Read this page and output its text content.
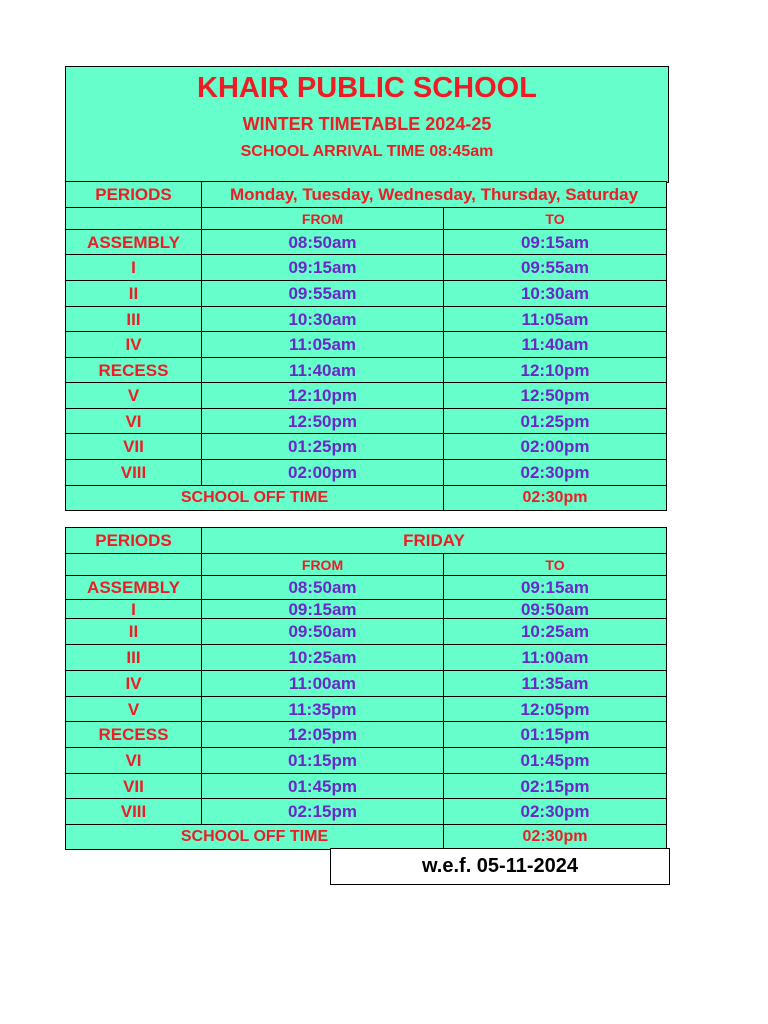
KHAIR PUBLIC SCHOOL
WINTER TIMETABLE 2024-25
SCHOOL ARRIVAL TIME 08:45am
PERIODS	Monday, Tuesday, Wednesday, Thursday, Saturday	
	FROM	TO
ASSEMBLY	08:50am	09:15am
I	09:15am	09:55am
II	09:55am	10:30am
III	10:30am	11:05am
IV	11:05am	11:40am
RECESS	11:40am	12:10pm
V	12:10pm	12:50pm
VI	12:50pm	01:25pm
VII	01:25pm	02:00pm
VIII	02:00pm	02:30pm
SCHOOL OFF TIME		02:30pm
PERIODS	FRIDAY	
	FROM	TO
ASSEMBLY	08:50am	09:15am
I	09:15am	09:50am
II	09:50am	10:25am
III	10:25am	11:00am
IV	11:00am	11:35am
V	11:35pm	12:05pm
RECESS	12:05pm	01:15pm
VI	01:15pm	01:45pm
VII	01:45pm	02:15pm
VIII	02:15pm	02:30pm
SCHOOL OFF TIME		02:30pm
w.e.f. 05-11-2024
